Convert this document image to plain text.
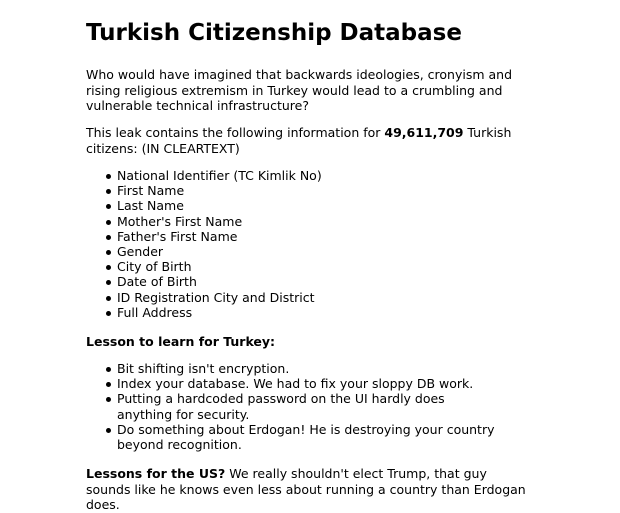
Turkish Citizenship Database

Who would have imagined that backwards ideologies, cronyism and rising religious extremism in Turkey would lead to a crumbling and vulnerable technical infrastructure?

This leak contains the following information for 49,611,709 Turkish citizens: (IN CLEARTEXT)

National Identifier (TC Kimlik No)
First Name
Last Name
Mother's First Name
Father's First Name
Gender
City of Birth
Date of Birth
ID Registration City and District
Full Address

Lesson to learn for Turkey:

Bit shifting isn't encryption.
Index your database. We had to fix your sloppy DB work.
Putting a hardcoded password on the UI hardly does anything for security.
Do something about Erdogan! He is destroying your country beyond recognition.

Lessons for the US? We really shouldn't elect Trump, that guy sounds like he knows even less about running a country than Erdogan does.
